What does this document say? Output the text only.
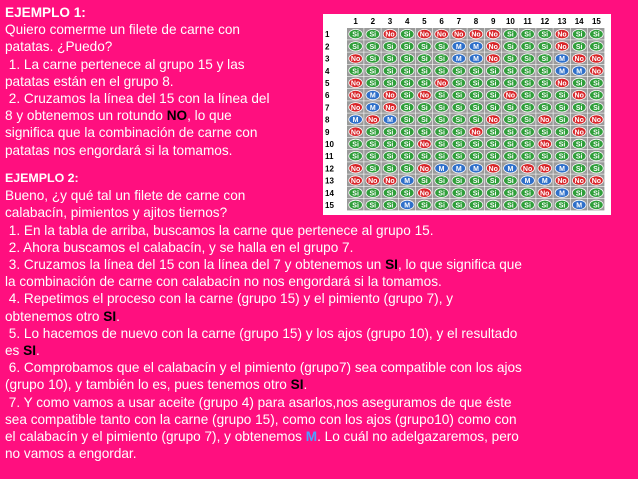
EJEMPLO 1:

Quiero comerme un filete de carne con

patatas. ¿Puedo?

1. La carne pertenece al grupo 15 y las

patatas están en el grupo 8.

2. Cruzamos la línea del 15 con la línea del

8 y obtenemos un rotundo NO, lo que

significa que la combinación de carne con

patatas nos engordará si la tomamos.

EJEMPLO 2:

Bueno, ¿y qué tal un filete de carne con

calabacín, pimientos y ajitos tiernos?

1. En la tabla de arriba, buscamos la carne que pertenece al grupo 15.

2. Ahora buscamos el calabacín, y se halla en el grupo 7.

3. Cruzamos la línea del 15 con la línea del 7 y obtenemos un SI, lo que significa que

la combinación de carne con calabacín no nos engordará si la tomamos.

4. Repetimos el proceso con la carne (grupo 15) y el pimiento (grupo 7), y

obtenemos otro SI.

5. Lo hacemos de nuevo con la carne (grupo 15) y los ajos (grupo 10), y el resultado

es SI.

6. Comprobamos que el calabacín y el pimiento (grupo7) sea compatible con los ajos

(grupo 10), y también lo es, pues tenemos otro SI.

7. Y como vamos a usar aceite (grupo 4) para asarlos,nos aseguramos de que éste

sea compatible tanto con la carne (grupo 15), como con los ajos (grupo10) como con

el calabacín y el pimiento (grupo 7), y obtenemos M. Lo cuál no adelgazaremos, pero

no vamos a engordar.

1 2 3 4 5 6 7 8 9 10 11 12 13 14 15
1	Si Si No Si No No No No No Si Si Si No Si Si
2	Si Si Si Si Si Si M M No Si Si Si No Si Si
3	No Si Si Si Si Si M M No Si Si Si M No No
4	Si Si Si Si Si Si Si Si Si Si Si Si M M No
5	No Si Si Si Si No Si Si Si Si Si Si No Si Si
6	No M No Si No Si Si Si Si No Si Si Si No Si
7	No M No Si Si Si Si Si Si Si Si Si Si Si Si
8	M No M Si Si Si Si Si No Si Si No Si No No
9	No Si Si Si Si Si Si No Si Si Si Si Si No Si
10	Si Si Si Si No Si Si Si Si Si Si No Si Si Si
11	Si Si Si Si Si Si Si Si Si Si Si Si Si Si Si
12 No Si Si Si No M M M No M No No M Si Si
13 No No No M Si Si Si Si Si Si M M No No No
14	Si Si Si Si No Si Si Si Si Si Si No M Si Si
15	Si Si Si M Si Si Si Si Si Si Si Si Si M Si
